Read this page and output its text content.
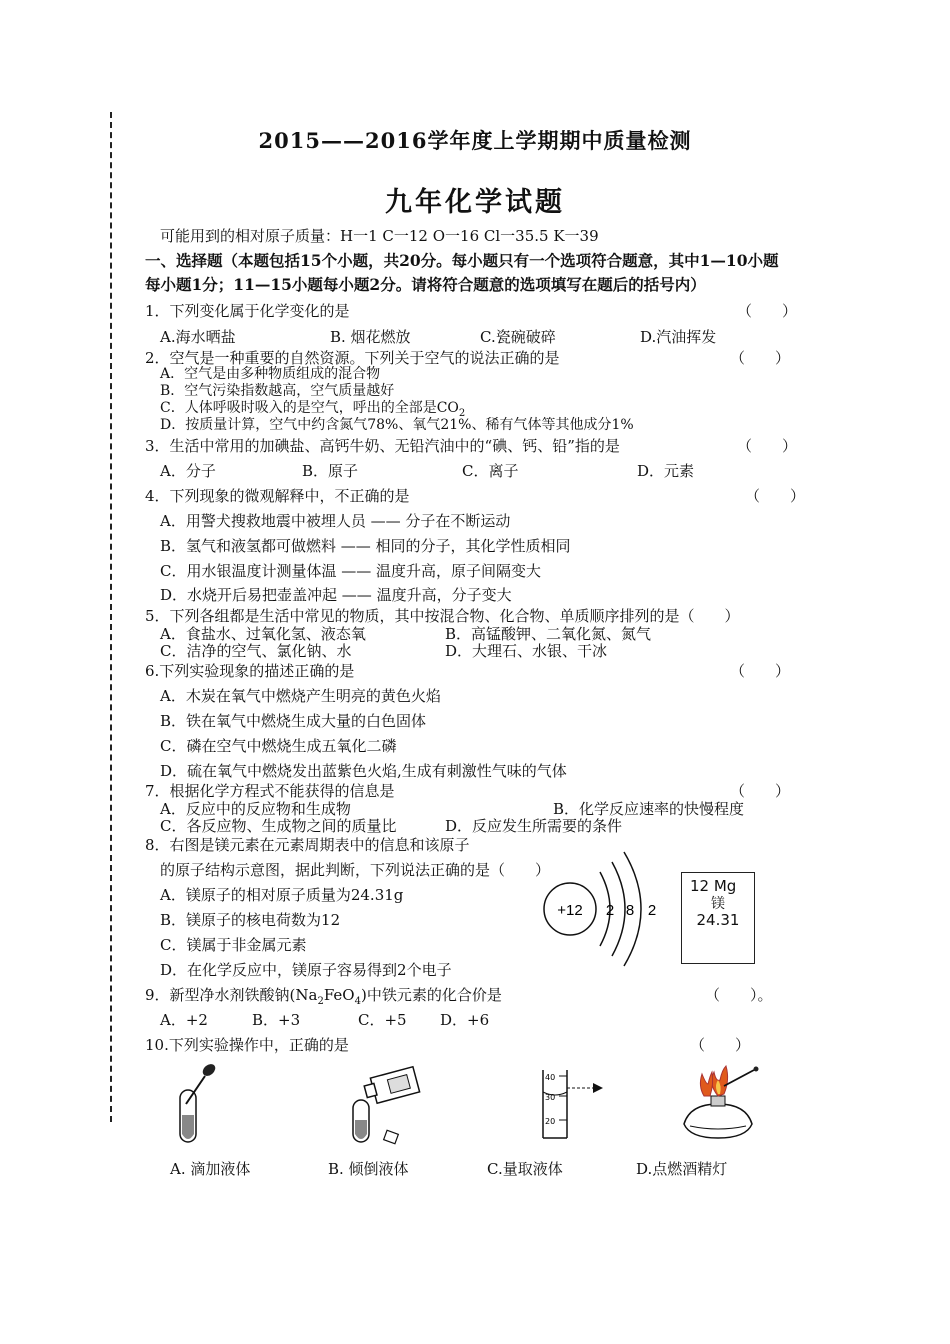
2015——2016学年度上学期期中质量检测
九年化学试题
可能用到的相对原子质量：H一1 C一12 O一16 Cl一35.5 K一39
一、选择题（本题包括15个小题，共20分。每小题只有一个选项符合题意，其中1—10小题
每小题1分；11—15小题每小题2分。请将符合题意的选项填写在题后的括号内）
1．下列变化属于化学变化的是	（　　）
A.海水晒盐	B. 烟花燃放	C.瓷碗破碎	D.汽油挥发
2．空气是一种重要的自然资源。下列关于空气的说法正确的是	（　　）
A．空气是由多种物质组成的混合物
B．空气污染指数越高，空气质量越好
C．人体呼吸时吸入的是空气，呼出的全部是$CO_2$
D．按质量计算，空气中约含氮气78%、氧气21%、稀有气体等其他成分1%
3．生活中常用的加碘盐、高钙牛奶、无铅汽油中的“碘、钙、铅”指的是	（　　）
A．分子	B．原子	C．离子	D．元素
4．下列现象的微观解释中，不正确的是	（　　）
A．用警犬搜救地震中被埋人员 —— 分子在不断运动
B．氢气和液氢都可做燃料 —— 相同的分子，其化学性质相同
C．用水银温度计测量体温 —— 温度升高，原子间隔变大
D．水烧开后易把壶盖冲起 —— 温度升高，分子变大
5．下列各组都是生活中常见的物质，其中按混合物、化合物、单质顺序排列的是（　　）
A．食盐水、过氧化氢、液态氧	B．高锰酸钾、二氧化氮、氮气
C．洁净的空气、氯化钠、水	D．大理石、水银、干冰
6.下列实验现象的描述正确的是	（　　）
A．木炭在氧气中燃烧产生明亮的黄色火焰
B．铁在氧气中燃烧生成大量的白色固体
C．磷在空气中燃烧生成五氧化二磷
D．硫在氧气中燃烧发出蓝紫色火焰,生成有刺激性气味的气体
7．根据化学方程式不能获得的信息是	（　　）
A．反应中的反应物和生成物	B．化学反应速率的快慢程度
C．各反应物、生成物之间的质量比	D．反应发生所需要的条件
8．右图是镁元素在元素周期表中的信息和该原子
的原子结构示意图，据此判断，下列说法正确的是（　　）
A．镁原子的相对原子质量为24.31g
B．镁原子的核电荷数为12
C．镁属于非金属元素
D．在化学反应中，镁原子容易得到2个电子
+12 2 8 2
12 Mg
镁
24.31
9．新型净水剂铁酸钠$(Na_2FeO_4)$中铁元素的化合价是	（　　）。
A．+2	B．+3	C．+5 D．+6
10.下列实验操作中，正确的是	（　　）
40
30
20
A. 滴加液体	B. 倾倒液体	C.量取液体	D.点燃酒精灯
